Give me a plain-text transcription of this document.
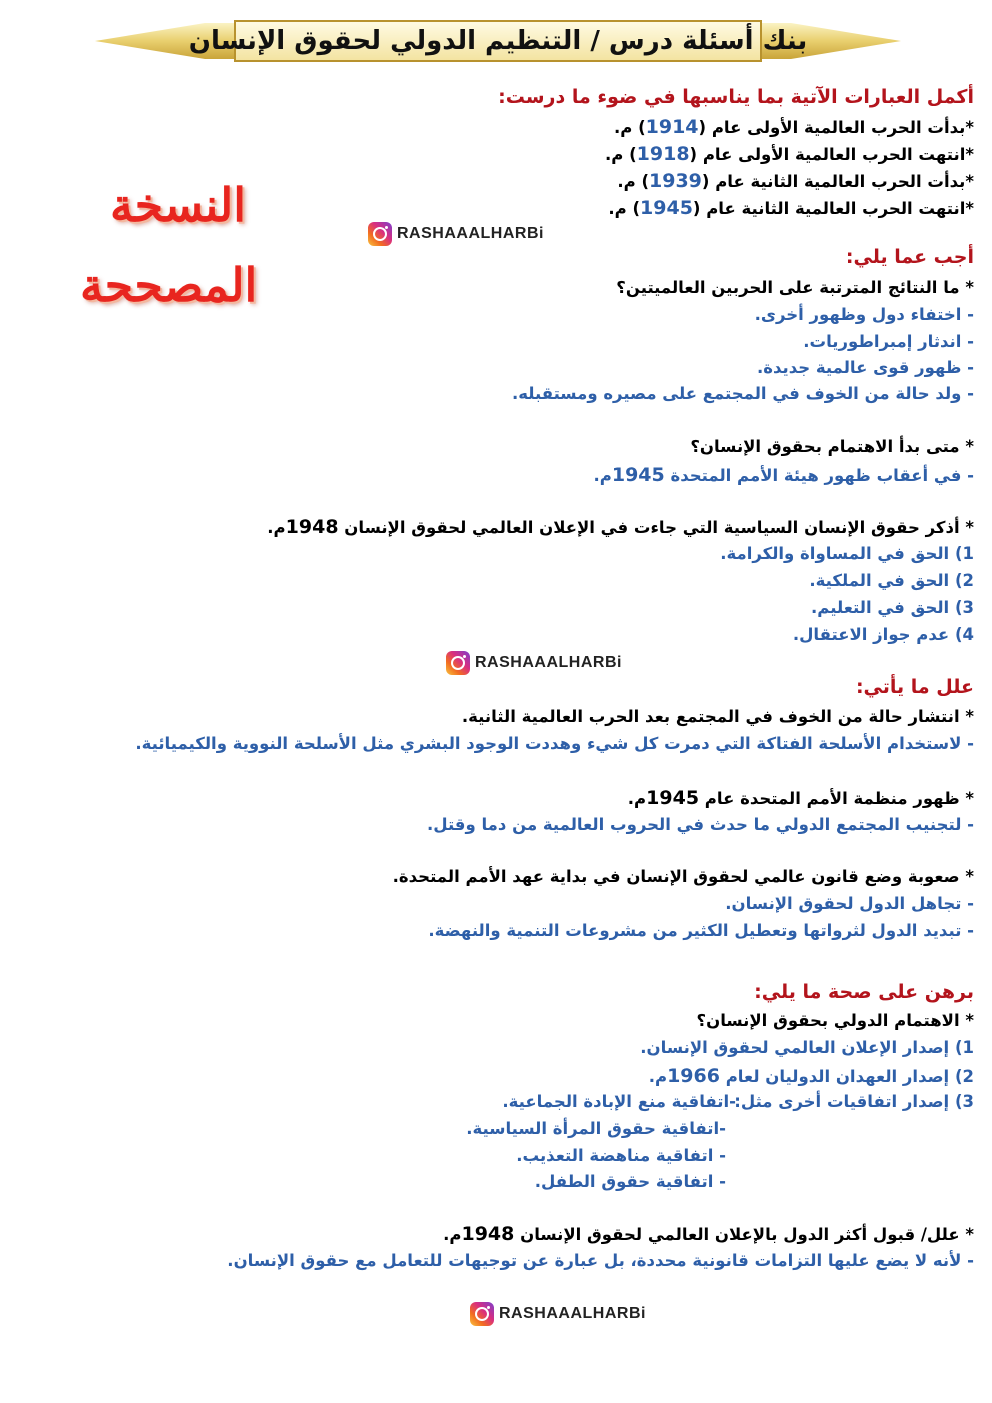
بنك أسئلة درس / التنظيم الدولي لحقوق الإنسان
النسخة
المصححة
أكمل العبارات الآتية بما يناسبها في ضوء ما درست:
*بدأت الحرب العالمية الأولى عام (1914) م.
*انتهت الحرب العالمية الأولى عام (1918) م.
*بدأت الحرب العالمية الثانية عام (1939) م.
*انتهت الحرب العالمية الثانية عام (1945) م.
RASHAAALHARBi
أجب عما يلي:
* ما النتائج المترتبة على الحربين العالميتين؟
- اختفاء دول وظهور أخرى.
- اندثار إمبراطوريات.
- ظهور قوى عالمية جديدة.
- ولد حالة من الخوف في المجتمع على مصيره ومستقبله.
* متى بدأ الاهتمام بحقوق الإنسان؟
- في أعقاب ظهور هيئة الأمم المتحدة 1945م.
* أذكر حقوق الإنسان السياسية التي جاءت في الإعلان العالمي لحقوق الإنسان 1948م.
1) الحق في المساواة والكرامة.
2) الحق في الملكية.
3) الحق في التعليم.
4) عدم جواز الاعتقال.
RASHAAALHARBi
علل ما يأتي:
* انتشار حالة من الخوف في المجتمع بعد الحرب العالمية الثانية.
- لاستخدام الأسلحة الفتاكة التي دمرت كل شيء وهددت الوجود البشري مثل الأسلحة النووية والكيميائية.
* ظهور منظمة الأمم المتحدة عام 1945م.
- لتجنيب المجتمع الدولي ما حدث في الحروب العالمية من دما وقتل.
* صعوبة وضع قانون عالمي لحقوق الإنسان في بداية عهد الأمم المتحدة.
- تجاهل الدول لحقوق الإنسان.
- تبديد الدول لثرواتها وتعطيل الكثير من مشروعات التنمية والنهضة.
برهن على صحة ما يلي:
* الاهتمام الدولي بحقوق الإنسان؟
1) إصدار الإعلان العالمي لحقوق الإنسان.
2) إصدار العهدان الدوليان لعام 1966م.
3) إصدار اتفاقيات أخرى مثل:
-اتفاقية منع الإبادة الجماعية.
-اتفاقية حقوق المرأة السياسية.
- اتفاقية مناهضة التعذيب.
- اتفاقية حقوق الطفل.
* علل/ قبول أكثر الدول بالإعلان العالمي لحقوق الإنسان 1948م.
- لأنه لا يضع عليها التزامات قانونية محددة، بل عبارة عن توجيهات للتعامل مع حقوق الإنسان.
RASHAAALHARBi
